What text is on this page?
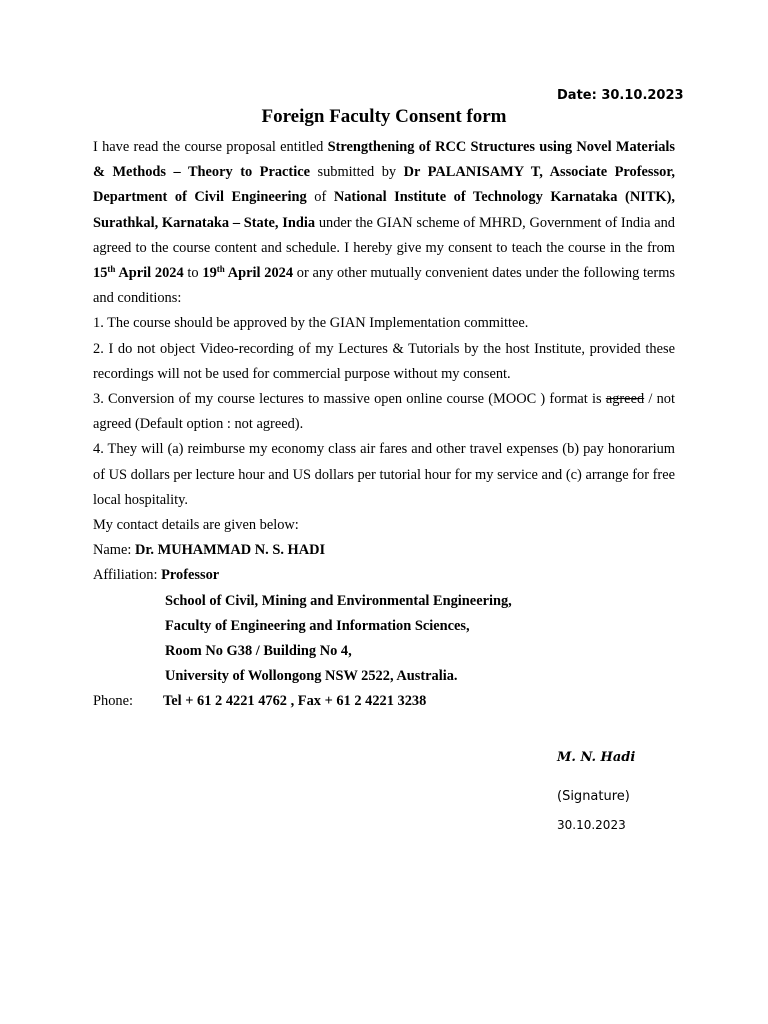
Date: 30.10.2023
Foreign Faculty Consent form

I have read the course proposal entitled Strengthening of RCC Structures using Novel Materials & Methods – Theory to Practice submitted by Dr PALANISAMY T, Associate Professor, Department of Civil Engineering of National Institute of Technology Karnataka (NITK), Surathkal, Karnataka – State, India under the GIAN scheme of MHRD, Government of India and agreed to the course content and schedule. I hereby give my consent to teach the course in the from 15th April 2024 to 19th April 2024 or any other mutually convenient dates under the following terms and conditions:

1. The course should be approved by the GIAN Implementation committee.

2. I do not object Video-recording of my Lectures & Tutorials by the host Institute, provided these recordings will not be used for commercial purpose without my consent.

3. Conversion of my course lectures to massive open online course (MOOC ) format is agreed / not agreed (Default option : not agreed).

4. They will (a) reimburse my economy class air fares and other travel expenses (b) pay honorarium of US dollars per lecture hour and US dollars per tutorial hour for my service and (c) arrange for free local hospitality.

My contact details are given below:

Name: Dr. MUHAMMAD N. S. HADI

Affiliation: Professor

School of Civil, Mining and Environmental Engineering,

Faculty of Engineering and Information Sciences,

Room No G38 / Building No 4,

University of Wollongong NSW 2522, Australia.

Phone: Tel + 61 2 4221 4762 , Fax + 61 2 4221 3238

M. N. Hadi
(Signature)
30.10.2023
